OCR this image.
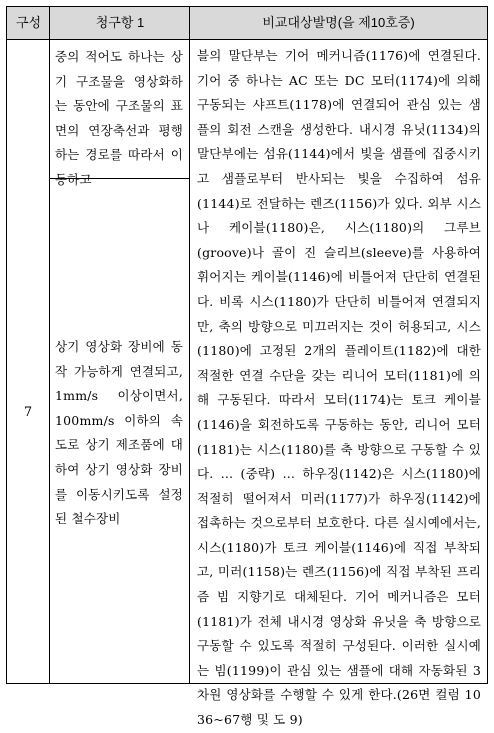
구성	청구항 1	비교대상발명(을 제10호증)
7
중의 적어도 하나는 상기 구조물을 영상화하는 동안에 구조물의 표면의 연장축선과 평행하는 경로를 따라서 이동하고
상기 영상화 장비에 동작 가능하게 연결되고, 1mm/s 이상이면서, 100mm/s 이하의 속도로 상기 제조품에 대하여 상기 영상화 장비를 이동시키도록 설정된 철수장비
블의 말단부는 기어 메커니즘(1176)에 연결된다. 기어 중 하나는 AC 또는 DC 모터(1174)에 의해 구동되는 샤프트(1178)에 연결되어 관심 있는 샘플의 회전 스캔을 생성한다. 내시경 유닛(1134)의 말단부에는 섬유(1144)에서 빛을 샘플에 집중시키고 샘플로부터 반사되는 빛을 수집하여 섬유(1144)로 전달하는 렌즈(1156)가 있다. 외부 시스나 케이블(1180)은, 시스(1180)의 그루브(groove)나 골이 진 슬리브(sleeve)를 사용하여 휘어지는 케이블(1146)에 비틀어져 단단히 연결된다. 비록 시스(1180)가 단단히 비틀어져 연결되지만, 축의 방향으로 미끄러지는 것이 허용되고, 시스(1180)에 고정된 2개의 플레이트(1182)에 대한 적절한 연결 수단을 갖는 리니어 모터(1181)에 의해 구동된다. 따라서 모터(1174)는 토크 케이블(1146)을 회전하도록 구동하는 동안, 리니어 모터(1181)는 시스(1180)를 축 방향으로 구동할 수 있다. … (중략) … 하우징(1142)은 시스(1180)에 적절히 떨어져서 미러(1177)가 하우징(1142)에 접촉하는 것으로부터 보호한다. 다른 실시예에서는, 시스(1180)가 토크 케이블(1146)에 직접 부착되고, 미러(1158)는 렌즈(1156)에 직접 부착된 프리즘 빔 지향기로 대체된다. 기어 메커니즘은 모터(1181)가 전체 내시경 영상화 유닛을 축 방향으로 구동할 수 있도록 적절히 구성된다. 이러한 실시예는 빔(1199)이 관심 있는 샘플에 대해 자동화된 3차원 영상화를 수행할 수 있게 한다.(26면 컬럼 10 36~67행 및 도 9)
